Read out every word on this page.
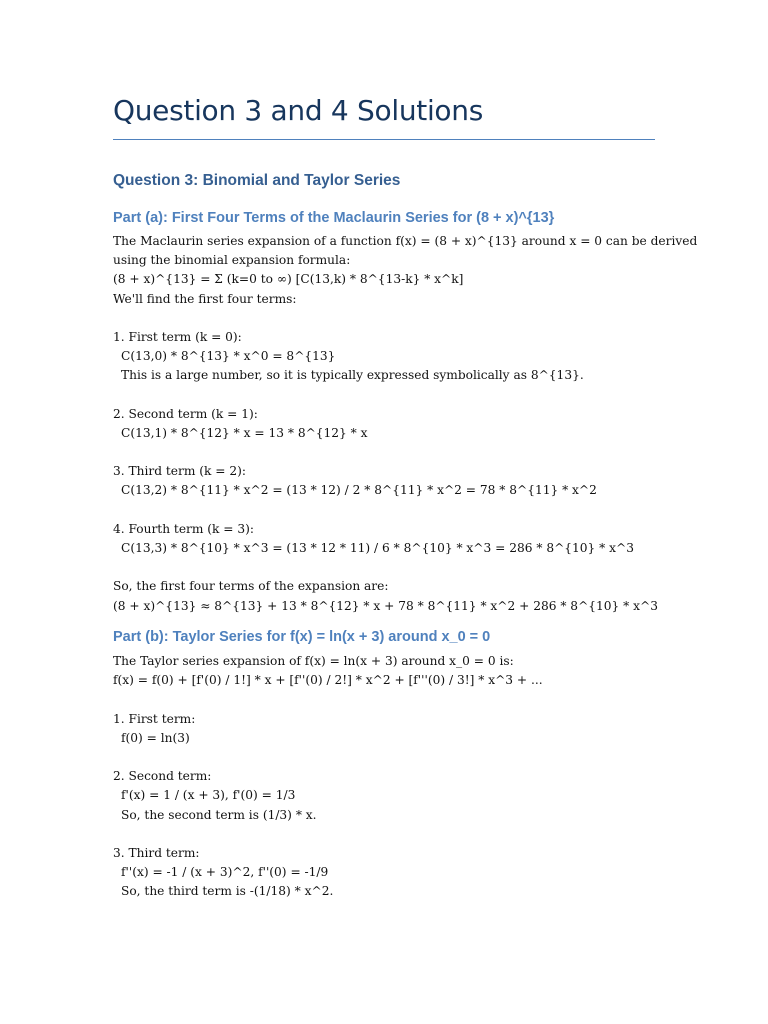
Question 3 and 4 Solutions
Question 3: Binomial and Taylor Series
Part (a): First Four Terms of the Maclaurin Series for (8 + x)^{13}
The Maclaurin series expansion of a function f(x) = (8 + x)^{13} around x = 0 can be derived
using the binomial expansion formula:
(8 + x)^{13} = Σ (k=0 to ∞) [C(13,k) * 8^{13-k} * x^k]
We'll find the first four terms:
1. First term (k = 0):
C(13,0) * 8^{13} * x^0 = 8^{13}
This is a large number, so it is typically expressed symbolically as 8^{13}.
2. Second term (k = 1):
C(13,1) * 8^{12} * x = 13 * 8^{12} * x
3. Third term (k = 2):
C(13,2) * 8^{11} * x^2 = (13 * 12) / 2 * 8^{11} * x^2 = 78 * 8^{11} * x^2
4. Fourth term (k = 3):
C(13,3) * 8^{10} * x^3 = (13 * 12 * 11) / 6 * 8^{10} * x^3 = 286 * 8^{10} * x^3
So, the first four terms of the expansion are:
(8 + x)^{13} ≈ 8^{13} + 13 * 8^{12} * x + 78 * 8^{11} * x^2 + 286 * 8^{10} * x^3
Part (b): Taylor Series for f(x) = ln(x + 3) around x_0 = 0
The Taylor series expansion of f(x) = ln(x + 3) around x_0 = 0 is:
f(x) = f(0) + [f'(0) / 1!] * x + [f''(0) / 2!] * x^2 + [f'''(0) / 3!] * x^3 + ...
1. First term:
f(0) = ln(3)
2. Second term:
f'(x) = 1 / (x + 3), f'(0) = 1/3
So, the second term is (1/3) * x.
3. Third term:
f''(x) = -1 / (x + 3)^2, f''(0) = -1/9
So, the third term is -(1/18) * x^2.
